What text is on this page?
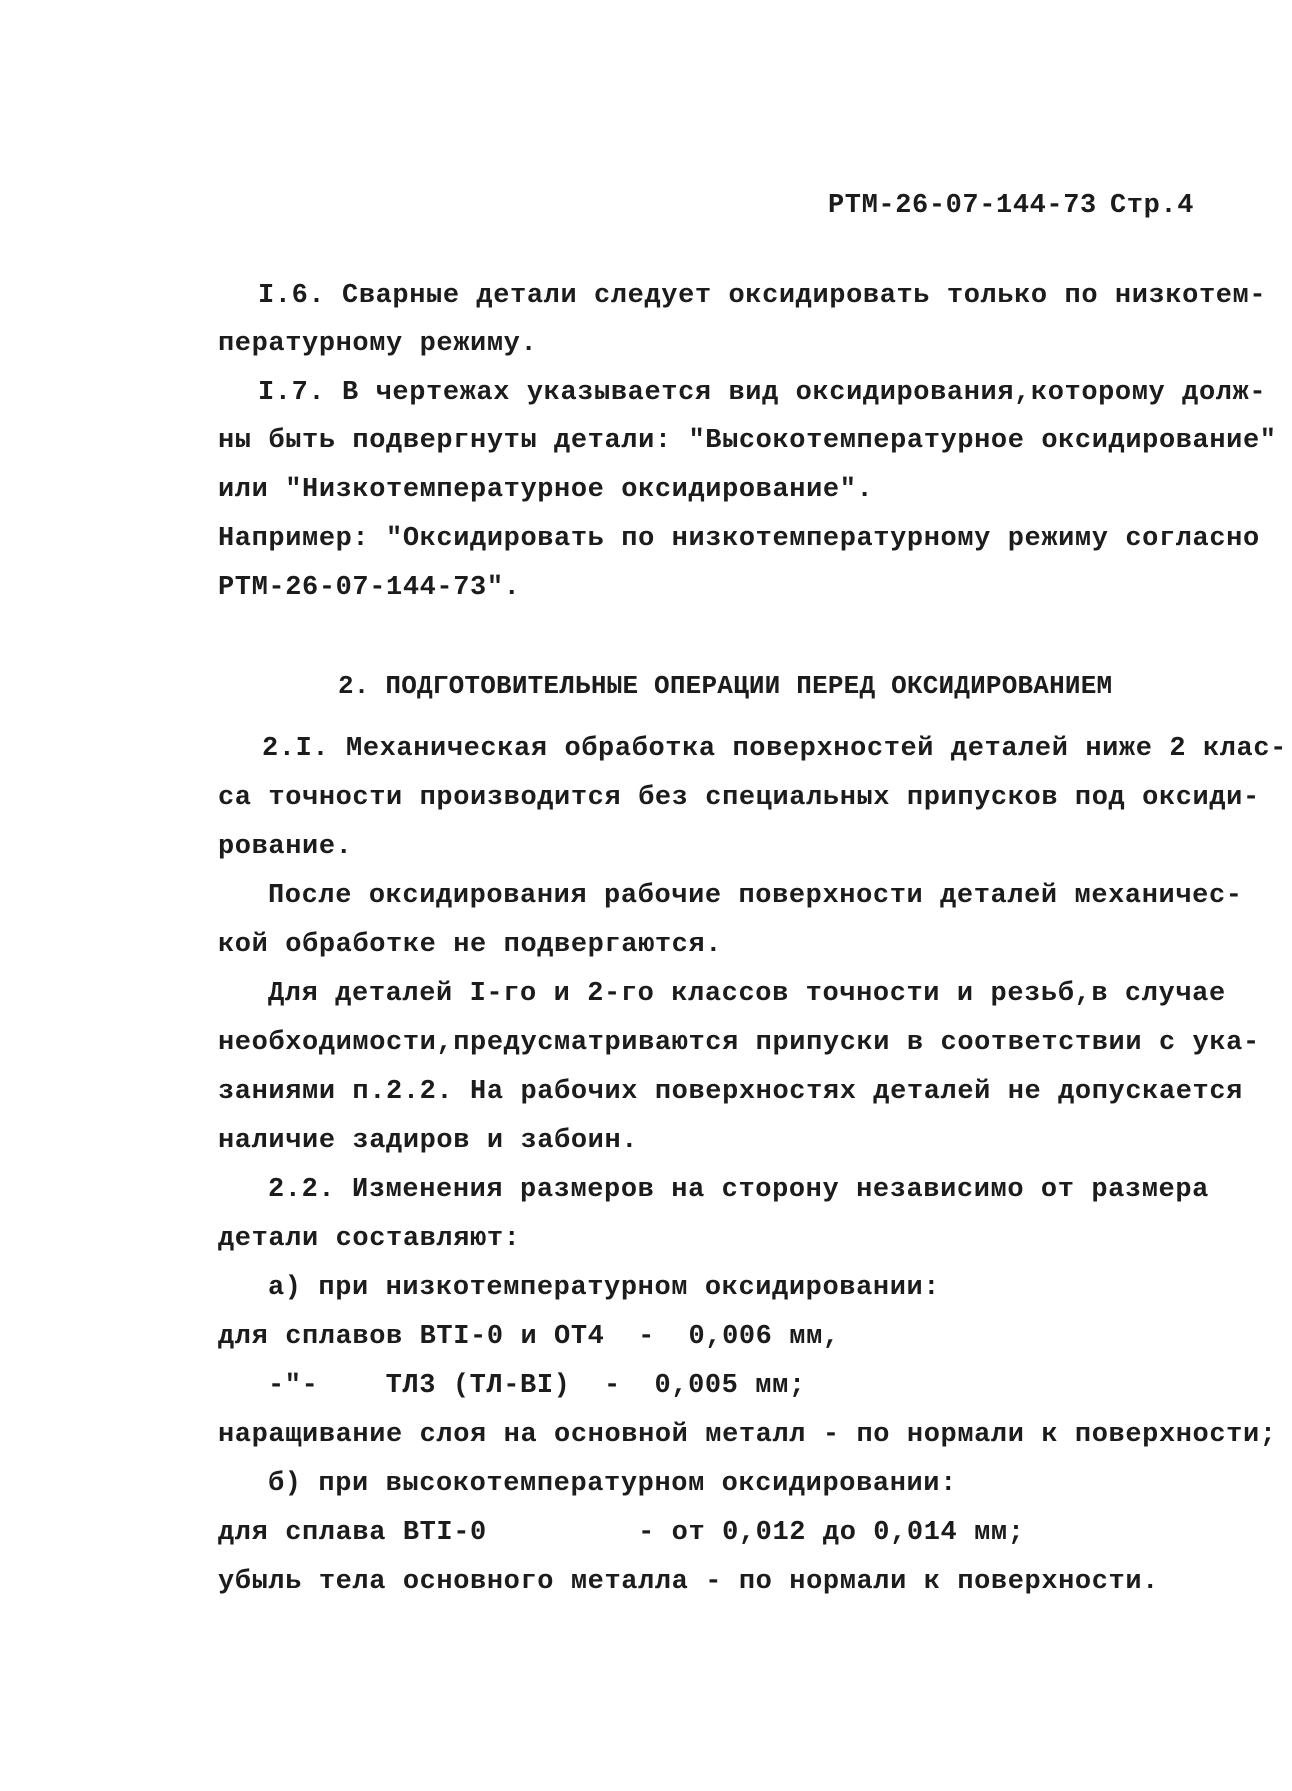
РТМ-26-07-144-73 Стр.4
I.6. Сварные детали следует оксидировать только по низкотем-
пературному режиму.
I.7. В чертежах указывается вид оксидирования,которому долж-
ны быть подвергнуты детали: "Высокотемпературное оксидирование"
или "Низкотемпературное оксидирование".
Например: "Оксидировать по низкотемпературному режиму согласно
РТМ-26-07-144-73".
2. ПОДГОТОВИТЕЛЬНЫЕ ОПЕРАЦИИ ПЕРЕД ОКСИДИРОВАНИЕМ
2.I. Механическая обработка поверхностей деталей ниже 2 клас-
са точности производится без специальных припусков под оксиди-
рование.
После оксидирования рабочие поверхности деталей механичес-
кой обработке не подвергаются.
Для деталей I-го и 2-го классов точности и резьб,в случае
необходимости,предусматриваются припуски в соответствии с ука-
заниями п.2.2. На рабочих поверхностях деталей не допускается
наличие задиров и забоин.
2.2. Изменения размеров на сторону независимо от размера
детали составляют:
а) при низкотемпературном оксидировании:
для сплавов ВТI-0 и ОТ4  -  0,006 мм,
-"-    ТЛ3 (ТЛ-ВI)  -  0,005 мм;
наращивание слоя на основной металл - по нормали к поверхности;
б) при высокотемпературном оксидировании:
для сплава ВТI-0         - от 0,012 до 0,014 мм;
убыль тела основного металла - по нормали к поверхности.
